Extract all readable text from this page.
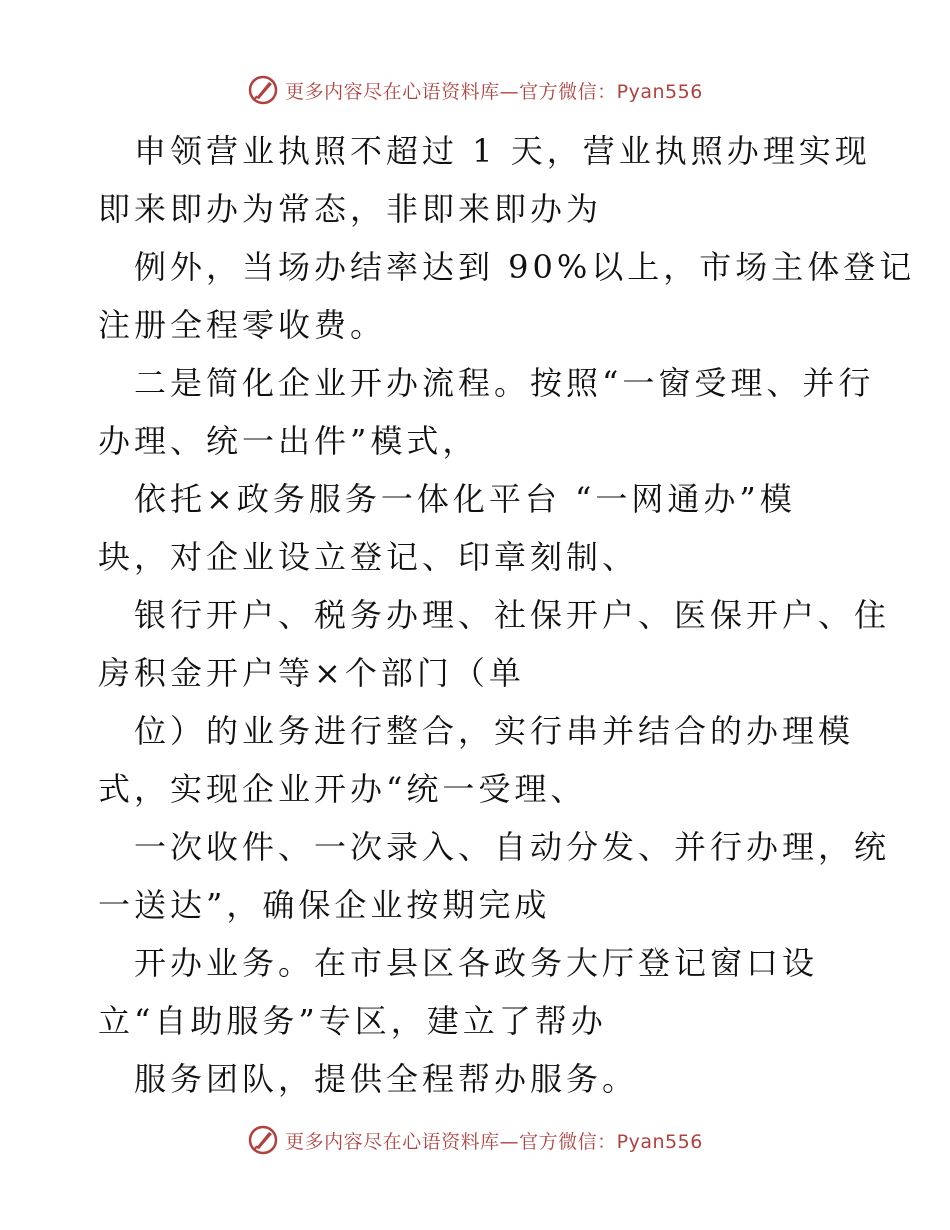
更多内容尽在心语资料库—官方微信：Pyan556
申领营业执照不超过 1 天，营业执照办理实现
即来即办为常态，非即来即办为
例外，当场办结率达到 90%以上，市场主体登记
注册全程零收费。
二是简化企业开办流程。按照“一窗受理、并行
办理、统一出件”模式，
依托×政务服务一体化平台 “一网通办”模
块，对企业设立登记、印章刻制、
银行开户、税务办理、社保开户、医保开户、住
房积金开户等×个部门（单
位）的业务进行整合，实行串并结合的办理模
式，实现企业开办“统一受理、
一次收件、一次录入、自动分发、并行办理，统
一送达”，确保企业按期完成
开办业务。在市县区各政务大厅登记窗口设
立“自助服务”专区，建立了帮办
服务团队，提供全程帮办服务。
更多内容尽在心语资料库—官方微信：Pyan556
